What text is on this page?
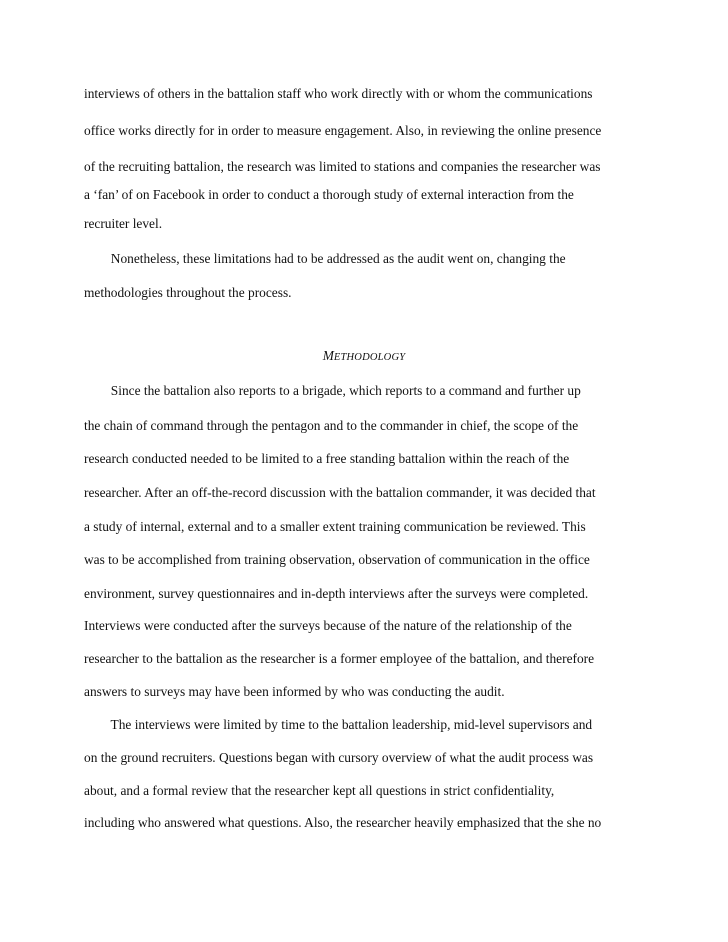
interviews of others in the battalion staff who work directly with or whom the communications
office works directly for in order to measure engagement. Also, in reviewing the online presence
of the recruiting battalion, the research was limited to stations and companies the researcher was
a ‘fan’ of on Facebook in order to conduct a thorough study of external interaction from the
recruiter level.
Nonetheless, these limitations had to be addressed as the audit went on, changing the
methodologies throughout the process.
METHODOLOGY
Since the battalion also reports to a brigade, which reports to a command and further up
the chain of command through the pentagon and to the commander in chief, the scope of the
research conducted needed to be limited to a free standing battalion within the reach of the
researcher. After an off-the-record discussion with the battalion commander, it was decided that
a study of internal, external and to a smaller extent training communication be reviewed. This
was to be accomplished from training observation, observation of communication in the office
environment, survey questionnaires and in-depth interviews after the surveys were completed.
Interviews were conducted after the surveys because of the nature of the relationship of the
researcher to the battalion as the researcher is a former employee of the battalion, and therefore
answers to surveys may have been informed by who was conducting the audit.
The interviews were limited by time to the battalion leadership, mid-level supervisors and
on the ground recruiters. Questions began with cursory overview of what the audit process was
about, and a formal review that the researcher kept all questions in strict confidentiality,
including who answered what questions. Also, the researcher heavily emphasized that the she no
